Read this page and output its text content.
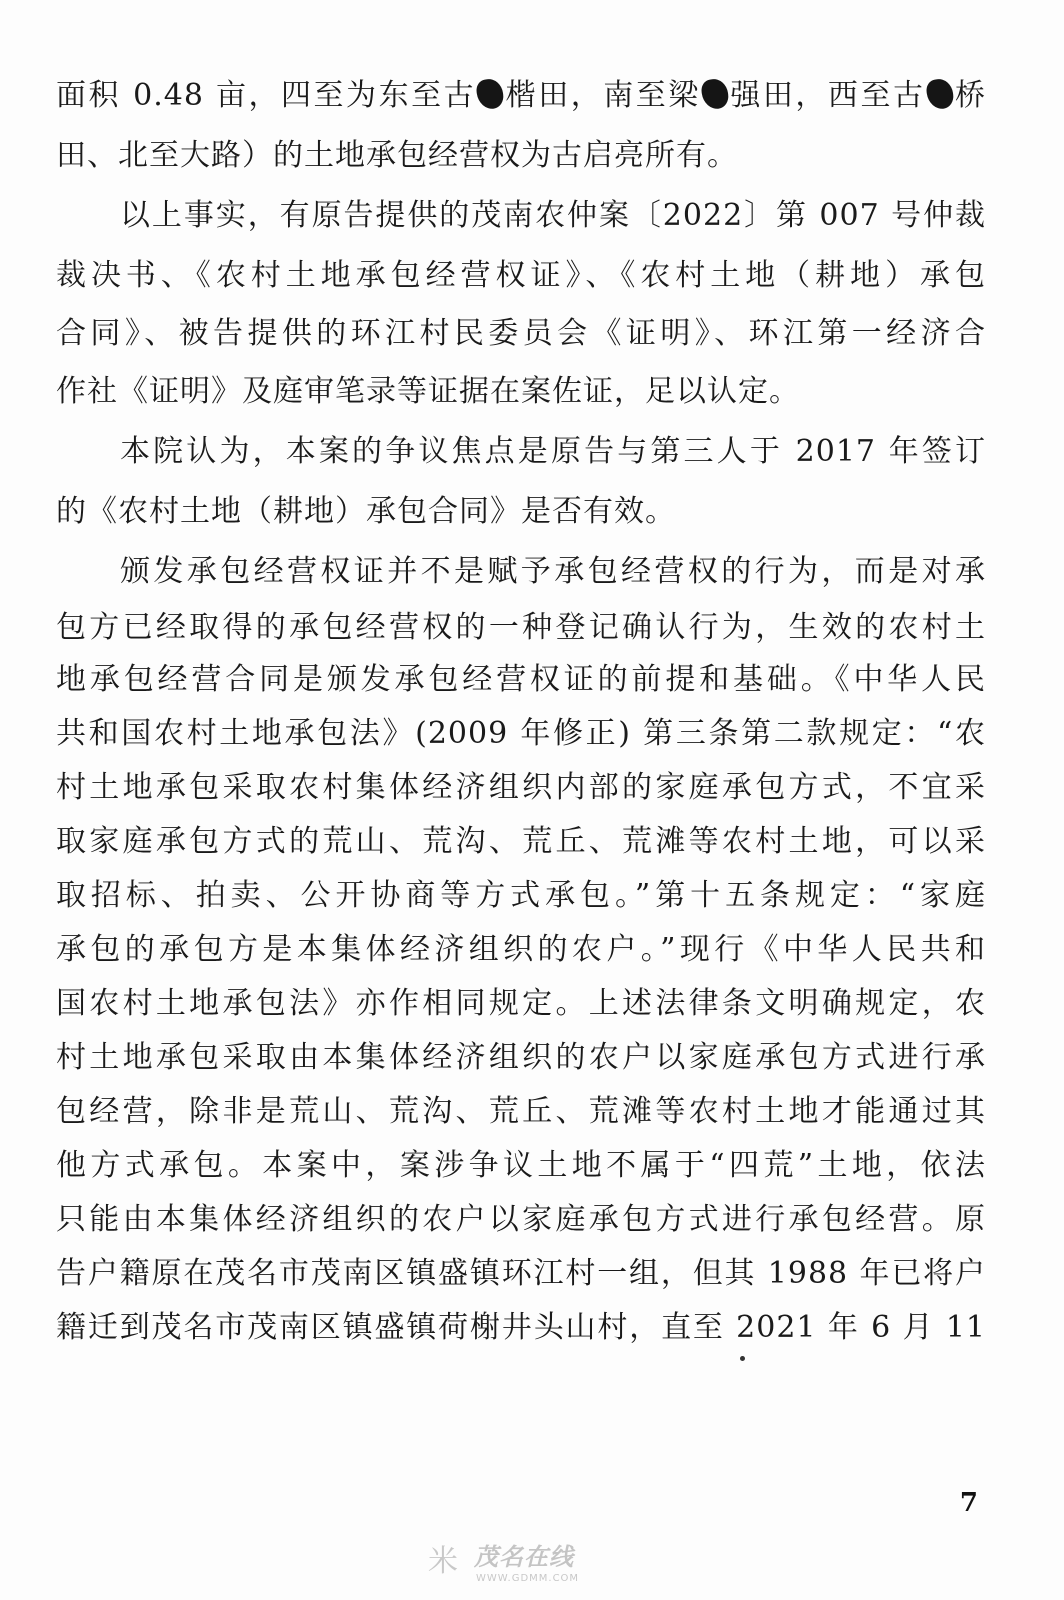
面积 0.48 亩，四至为东至古 楷田，南至梁 强田，西至古 桥
田、北至大路）的土地承包经营权为古启亮所有。
以上事实，有原告提供的茂南农仲案〔2022〕第 007 号仲裁
裁决书、《农村土地承包经营权证》、《农村土地（耕地）承包
合同》、被告提供的环江村民委员会《证明》、环江第一经济合
作社《证明》及庭审笔录等证据在案佐证，足以认定。
本院认为，本案的争议焦点是原告与第三人于 2017 年签订
的《农村土地（耕地）承包合同》是否有效。
颁发承包经营权证并不是赋予承包经营权的行为，而是对承
包方已经取得的承包经营权的一种登记确认行为，生效的农村土
地承包经营合同是颁发承包经营权证的前提和基础。《中华人民
共和国农村土地承包法》(2009 年修正) 第三条第二款规定：“农
村土地承包采取农村集体经济组织内部的家庭承包方式，不宜采
取家庭承包方式的荒山、荒沟、荒丘、荒滩等农村土地，可以采
取招标、拍卖、公开协商等方式承包。”第十五条规定：“家庭
承包的承包方是本集体经济组织的农户。”现行《中华人民共和
国农村土地承包法》亦作相同规定。上述法律条文明确规定，农
村土地承包采取由本集体经济组织的农户以家庭承包方式进行承
包经营，除非是荒山、荒沟、荒丘、荒滩等农村土地才能通过其
他方式承包。本案中，案涉争议土地不属于“四荒”土地，依法
只能由本集体经济组织的农户以家庭承包方式进行承包经营。原
告户籍原在茂名市茂南区镇盛镇环江村一组，但其 1988 年已将户
籍迁到茂名市茂南区镇盛镇荷榭井头山村，直至 2021 年 6 月 11
7
米 茂名在线
WWW.GDMM.COM
